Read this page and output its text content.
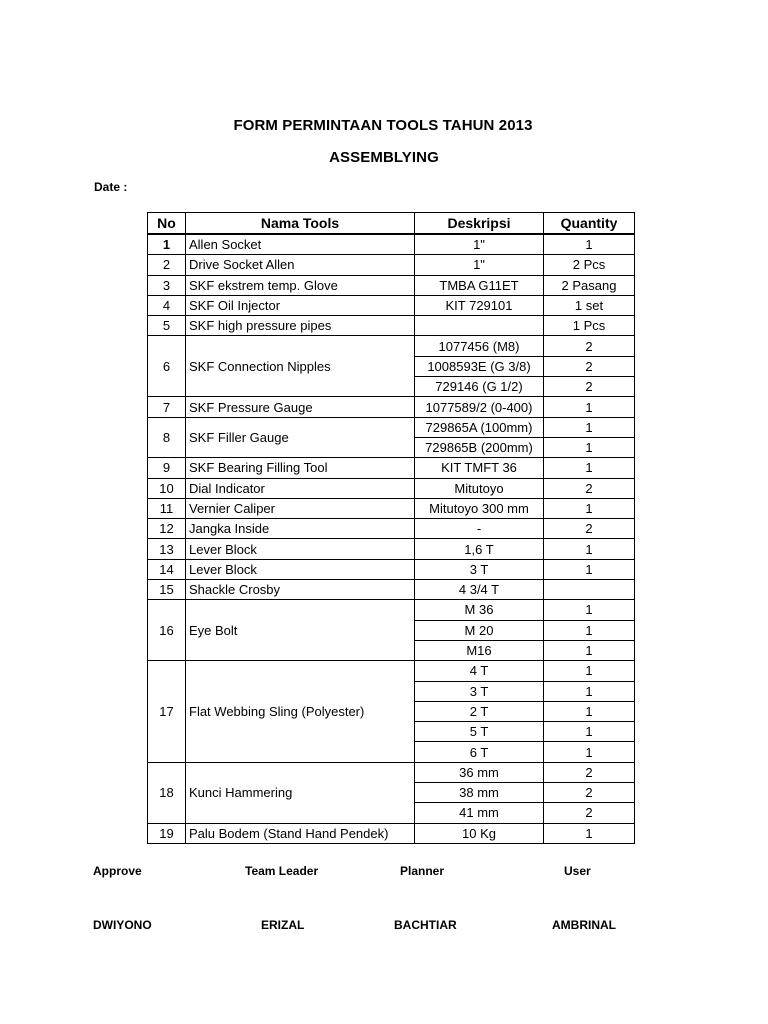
FORM PERMINTAAN TOOLS TAHUN 2013
ASSEMBLYING
Date :
No	Nama Tools	Deskripsi	Quantity
1	Allen Socket	1"	1
2	Drive Socket Allen	1"	2 Pcs
3	SKF ekstrem temp. Glove	TMBA G11ET	2 Pasang
4	SKF Oil Injector	KIT 729101	1 set
5	SKF high pressure pipes		1 Pcs
6	SKF Connection Nipples	1077456 (M8)	2
		1008593E (G 3/8)	2
		729146 (G 1/2)	2
7	SKF Pressure Gauge	1077589/2 (0-400)	1
8	SKF Filler Gauge	729865A (100mm)	1
		729865B (200mm)	1
9	SKF Bearing Filling Tool	KIT TMFT 36	1
10	Dial Indicator	Mitutoyo	2
11	Vernier Caliper	Mitutoyo 300 mm	1
12	Jangka Inside	-	2
13	Lever Block	1,6 T	1
14	Lever Block	3 T	1
15	Shackle Crosby	4 3/4 T	
16	Eye Bolt	M 36	1
		M 20	1
		M16	1
17	Flat Webbing Sling (Polyester)	4 T	1
		3 T	1
		2 T	1
		5 T	1
		6 T	1
18	Kunci Hammering	36 mm	2
		38 mm	2
		41 mm	2
19	Palu Bodem (Stand Hand Pendek)	10 Kg	1
Approve	Team Leader	Planner	User
DWIYONO	ERIZAL	BACHTIAR	AMBRINAL
